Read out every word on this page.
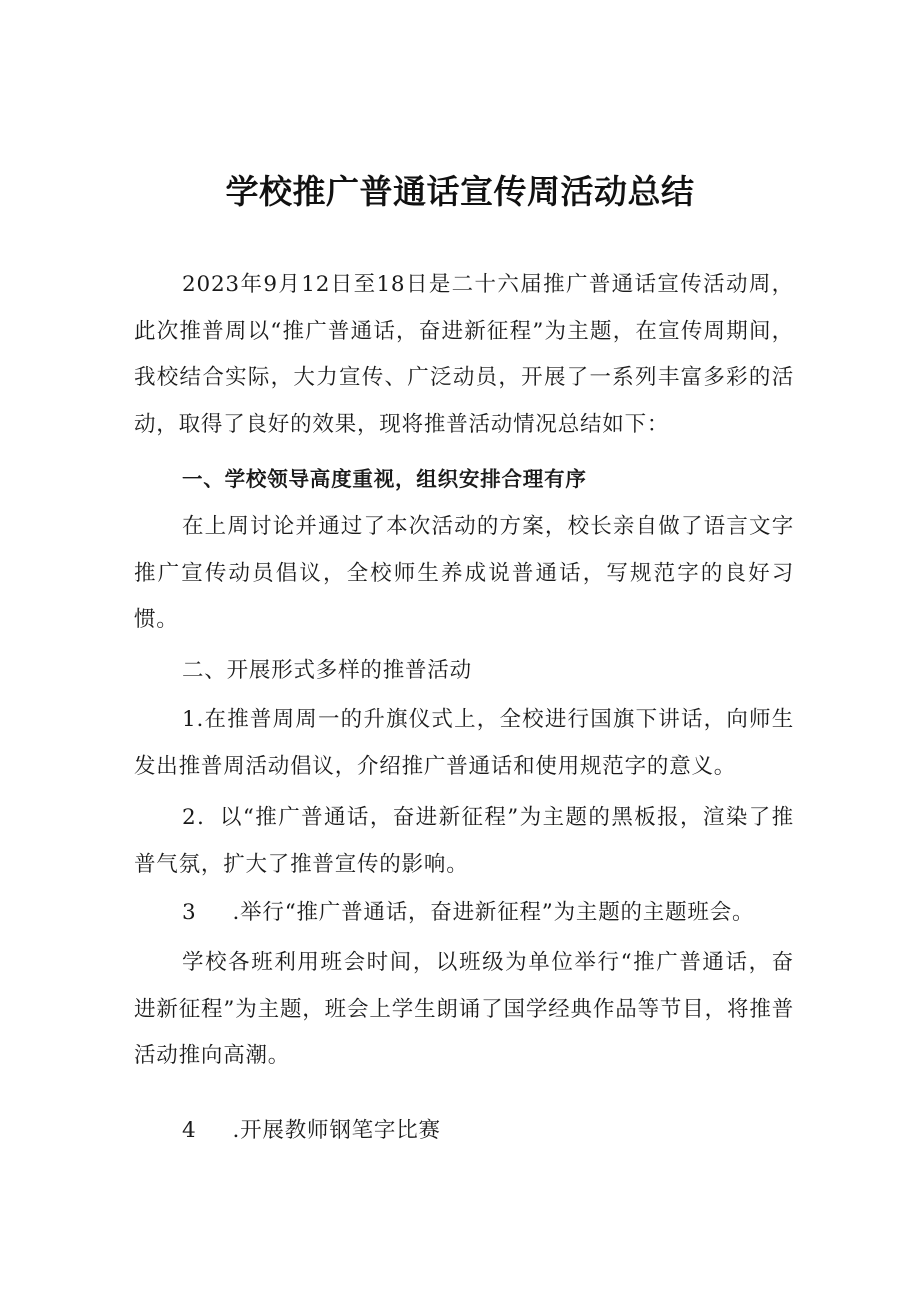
学校推广普通话宣传周活动总结

2023年9月12日至18日是二十六届推广普通话宣传活动周，此次推普周以“推广普通话，奋进新征程”为主题，在宣传周期间，我校结合实际，大力宣传、广泛动员，开展了一系列丰富多彩的活动，取得了良好的效果，现将推普活动情况总结如下：

一、学校领导高度重视，组织安排合理有序

在上周讨论并通过了本次活动的方案，校长亲自做了语言文字推广宣传动员倡议，全校师生养成说普通话，写规范字的良好习惯。

二、开展形式多样的推普活动

1.在推普周周一的升旗仪式上，全校进行国旗下讲话，向师生发出推普周活动倡议，介绍推广普通话和使用规范字的意义。

2．以“推广普通话，奋进新征程”为主题的黑板报，渲染了推普气氛，扩大了推普宣传的影响。

3 .举行“推广普通话，奋进新征程”为主题的主题班会。

学校各班利用班会时间，以班级为单位举行“推广普通话，奋进新征程”为主题，班会上学生朗诵了国学经典作品等节目，将推普活动推向高潮。

4 .开展教师钢笔字比赛
